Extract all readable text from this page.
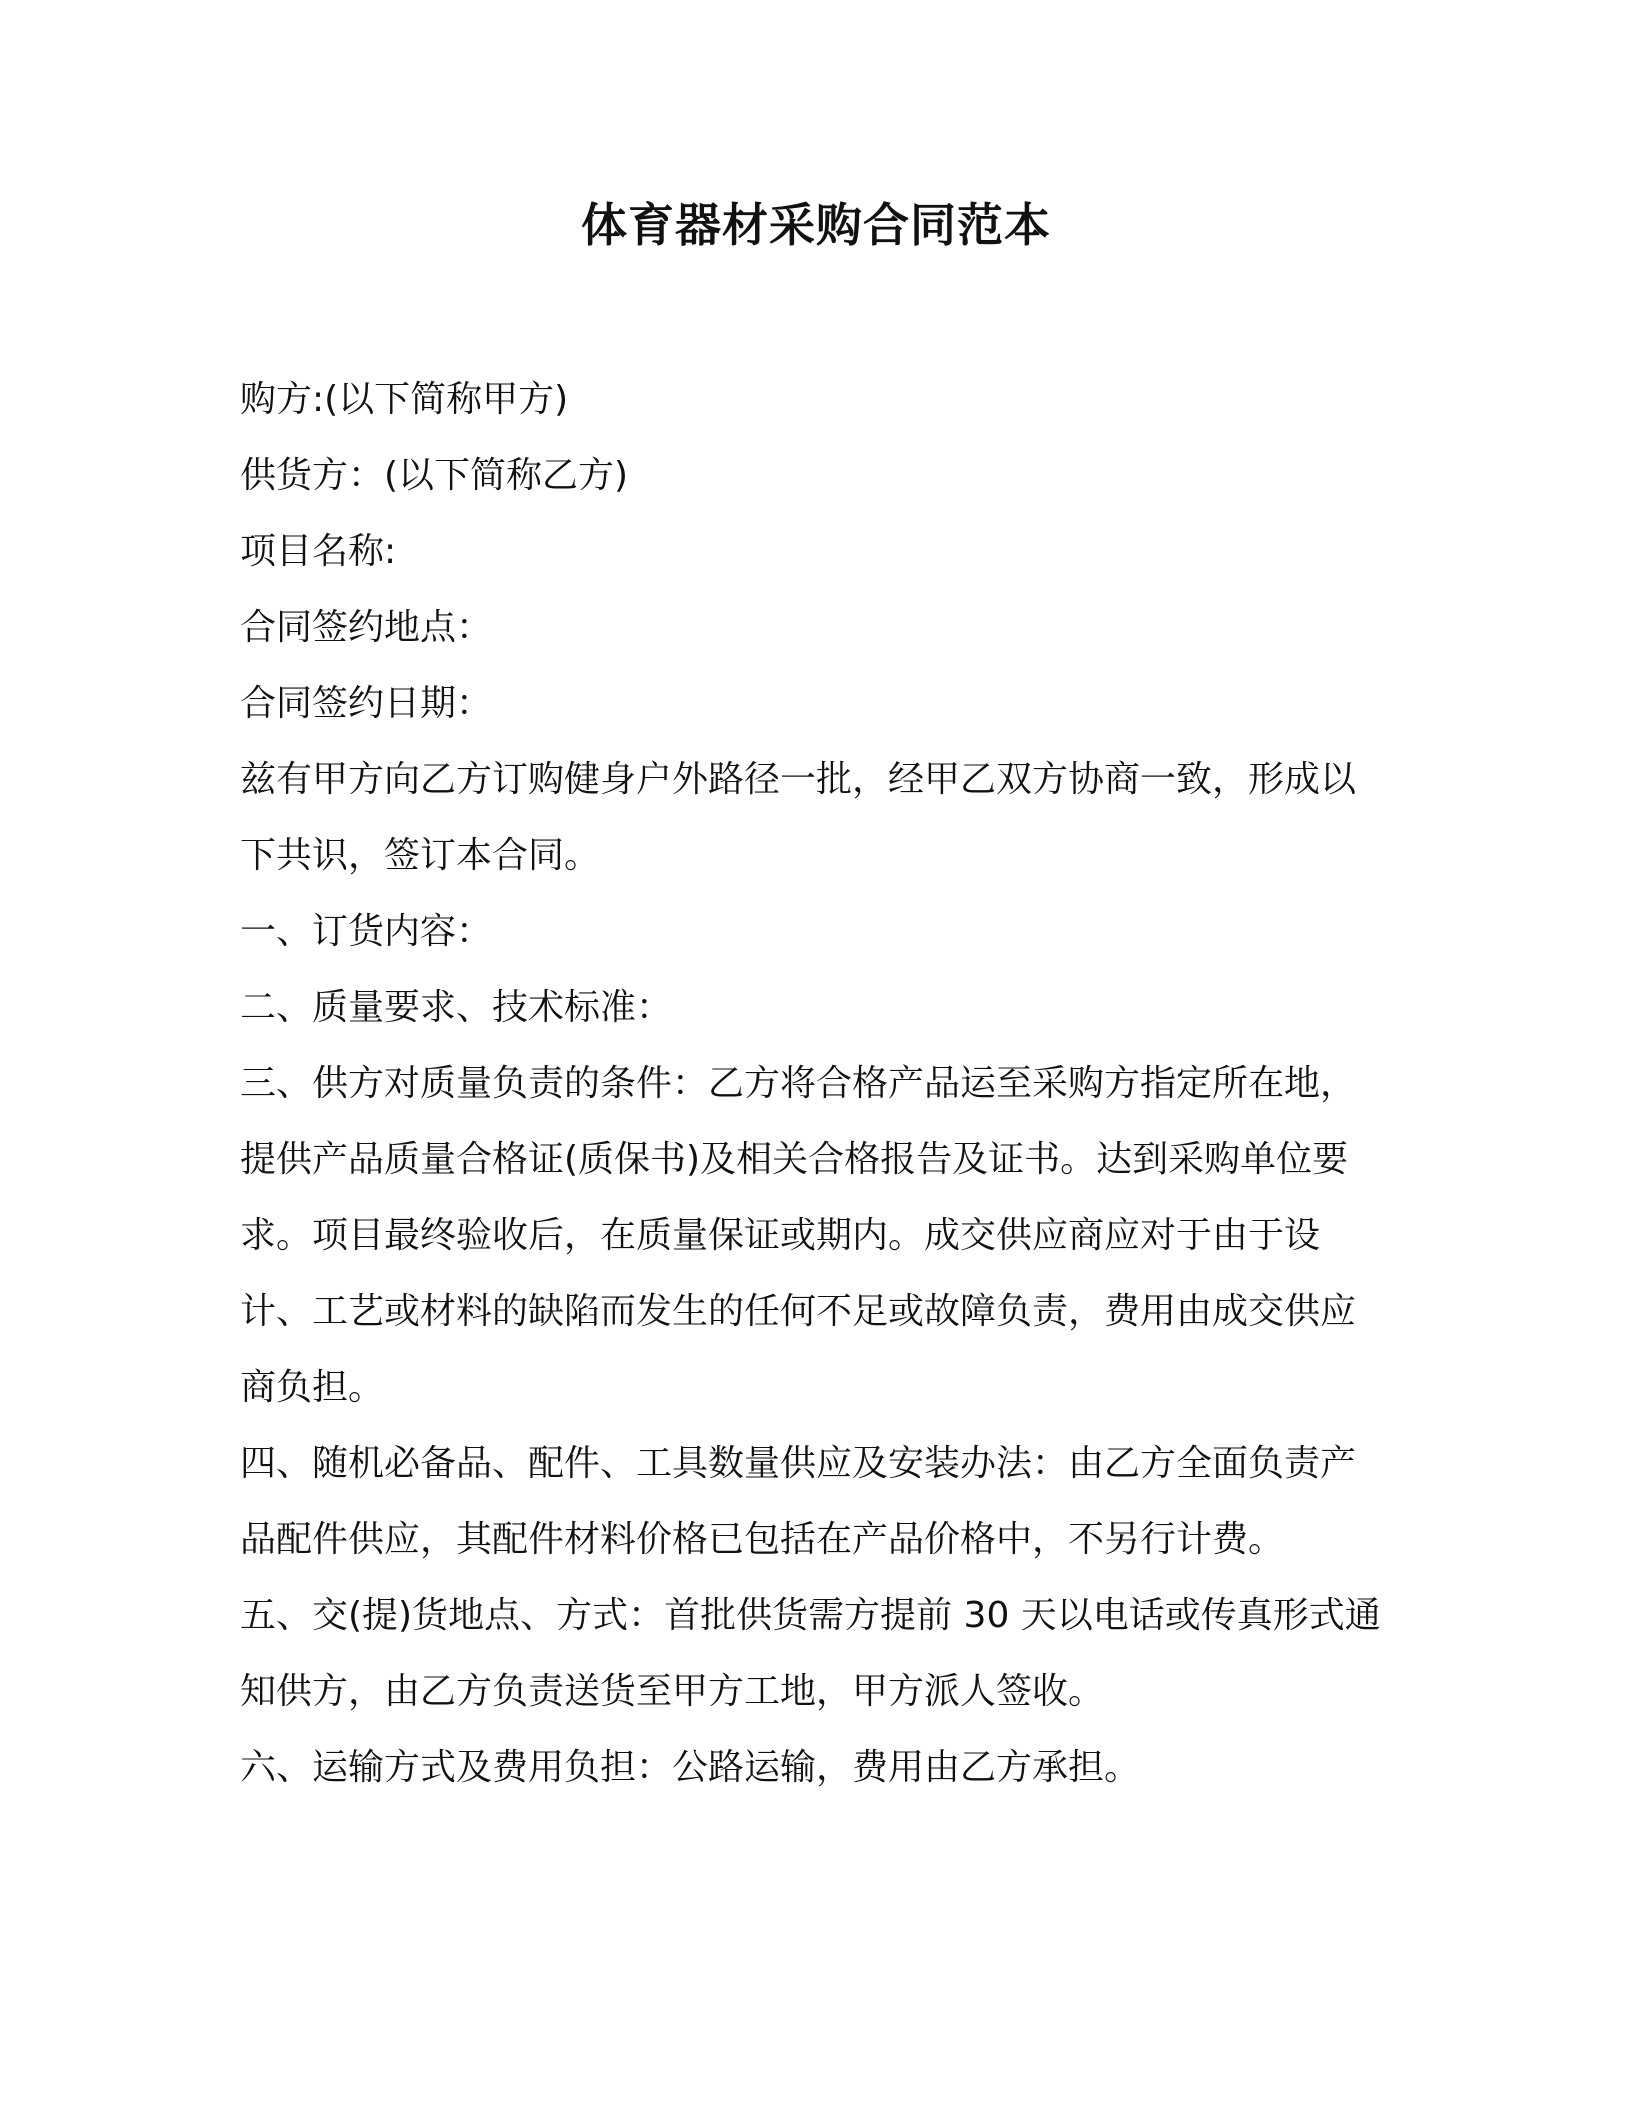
体育器材采购合同范本

购方:(以下简称甲方)

供货方：(以下简称乙方)

项目名称:

合同签约地点：

合同签约日期：

兹有甲方向乙方订购健身户外路径一批，经甲乙双方协商一致，形成以下共识，签订本合同。

一、订货内容：

二、质量要求、技术标准：

三、供方对质量负责的条件：乙方将合格产品运至采购方指定所在地，提供产品质量合格证(质保书)及相关合格报告及证书。达到采购单位要求。项目最终验收后，在质量保证或期内。成交供应商应对于由于设计、工艺或材料的缺陷而发生的任何不足或故障负责，费用由成交供应商负担。

四、随机必备品、配件、工具数量供应及安装办法：由乙方全面负责产品配件供应，其配件材料价格已包括在产品价格中，不另行计费。

五、交(提)货地点、方式：首批供货需方提前 30 天以电话或传真形式通知供方，由乙方负责送货至甲方工地，甲方派人签收。

六、运输方式及费用负担：公路运输，费用由乙方承担。
